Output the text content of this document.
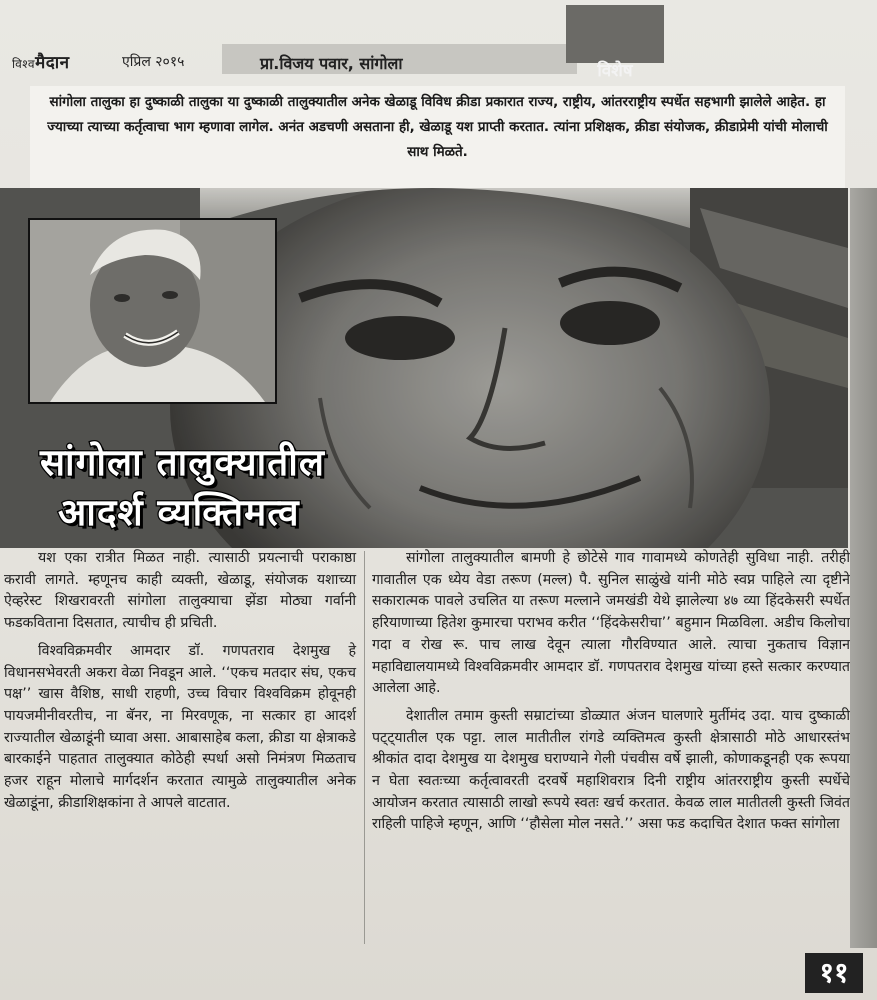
विश्वमैदान	एप्रिल २०१५	प्रा.विजय पवार, सांगोला	विशेष

सांगोला तालुका हा दुष्काळी तालुका या दुष्काळी तालुक्यातील अनेक खेळाडू विविध क्रीडा प्रकारात राज्य, राष्ट्रीय, आंतरराष्ट्रीय स्पर्धेत सहभागी झालेले आहेत. हा ज्याच्या त्याच्या कर्तृत्वाचा भाग म्हणावा लागेल. अनंत अडचणी असताना ही, खेळाडू यश प्राप्ती करतात. त्यांना प्रशिक्षक, क्रीडा संयोजक, क्रीडाप्रेमी यांची मोलाची साथ मिळते.

सांगोला तालुक्यातील
आदर्श व्यक्तिमत्व

यश एका रात्रीत मिळत नाही. त्यासाठी प्रयत्नाची पराकाष्ठा करावी लागते. म्हणूनच काही व्यक्ती, खेळाडू, संयोजक यशाच्या ऐव्हरेस्ट शिखरावरती सांगोला तालुक्याचा झेंडा मोठ्या गर्वानी फडकविताना दिसतात, त्याचीच ही प्रचिती.

विश्वविक्रमवीर आमदार डॉ. गणपतराव देशमुख हे विधानसभेवरती अकरा वेळा निवडून आले. ‘‘एकच मतदार संघ, एकच पक्ष’’ खास वैशिष्ठ, साधी राहणी, उच्च विचार विश्वविक्रम होवूनही पायजमीनीवरतीच, ना बॅनर, ना मिरवणूक, ना सत्कार हा आदर्श राज्यातील खेळाडूंनी घ्यावा असा. आबासाहेब कला, क्रीडा या क्षेत्राकडे बारकाईने पाहतात तालुक्यात कोठेही स्पर्धा असो निमंत्रण मिळताच हजर राहून मोलाचे मार्गदर्शन करतात त्यामुळे तालुक्यातील अनेक खेळाडूंना, क्रीडाशिक्षकांना ते आपले वाटतात.

सांगोला तालुक्यातील बामणी हे छोटेसे गाव गावामध्ये कोणतेही सुविधा नाही. तरीही गावातील एक ध्येय वेडा तरूण (मल्ल) पै. सुनिल साळुंखे यांनी मोठे स्वप्न पाहिले त्या दृष्टीने सकारात्मक पावले उचलित या तरूण मल्लाने जमखंडी येथे झालेल्या ४७ व्या हिंदकेसरी स्पर्धेत हरियाणाच्या हितेश कुमारचा पराभव करीत ‘‘हिंदकेसरीचा’’ बहुमान मिळविला. अडीच किलोचा गदा व रोख रू. पाच लाख देवून त्याला गौरविण्यात आले. त्याचा नुकताच विज्ञान महाविद्यालयामध्ये विश्वविक्रमवीर आमदार डॉ. गणपतराव देशमुख यांच्या हस्ते सत्कार करण्यात आलेला आहे.

देशातील तमाम कुस्ती सम्राटांच्या डोळ्यात अंजन घालणारे मुर्तीमंद उदा. याच दुष्काळी पट्ट्यातील एक पट्टा. लाल मातीतील रांगडे व्यक्तिमत्व कुस्ती क्षेत्रासाठी मोठे आधारस्तंभ श्रीकांत दादा देशमुख या देशमुख घराण्याने गेली पंचवीस वर्षे झाली, कोणाकडूनही एक रूपया न घेता स्वतःच्या कर्तृत्वावरती दरवर्षे महाशिवरात्र दिनी राष्ट्रीय आंतरराष्ट्रीय कुस्ती स्पर्धेचे आयोजन करतात त्यासाठी लाखो रूपये स्वतः खर्च करतात. केवळ लाल मातीतली कुस्ती जिवंत राहिली पाहिजे म्हणून, आणि ‘‘हौसेला मोल नसते.’’ असा फड कदाचित देशात फक्त सांगोला

११
